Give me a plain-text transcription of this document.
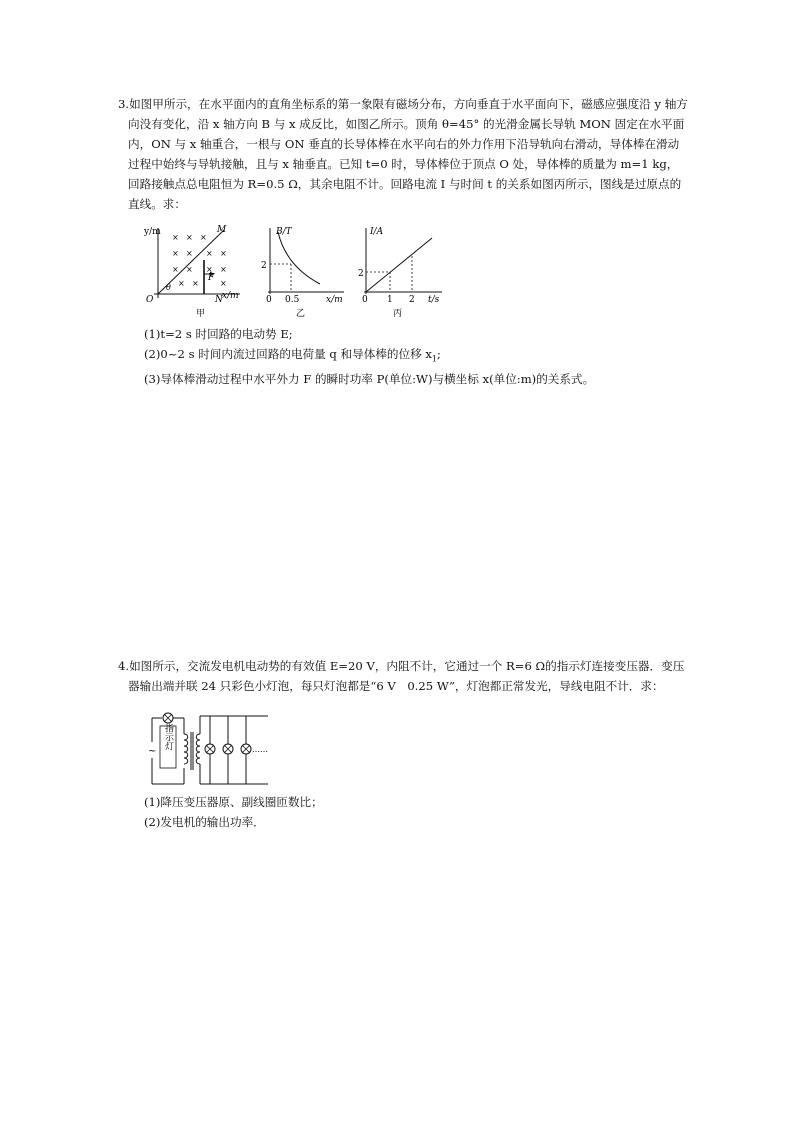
3.如图甲所示，在水平面内的直角坐标系的第一象限有磁场分布，方向垂直于水平面向下，磁感应强度沿 y 轴方向没有变化，沿 x 轴方向 B 与 x 成反比，如图乙所示。顶角 θ=45° 的光滑金属长导轨 MON 固定在水平面内，ON 与 x 轴重合，一根与 ON 垂直的长导体棒在水平向右的外力作用下沿导轨向右滑动，导体棒在滑动过程中始终与导轨接触，且与 x 轴垂直。已知 t=0 时，导体棒位于顶点 O 处，导体棒的质量为 m=1 kg，回路接触点总电阻恒为 R=0.5 Ω，其余电阻不计。回路电流 I 与时间 t 的关系如图丙所示，图线是过原点的直线。求：

y/m
x/m
O
M
N
F
θ
× × ×
× × × ×
× × × ×
× ×	×
甲
B/T
x/m
0
2
0.5
乙
I/A
t/s
0
2
1 2
丙

(1)t=2 s 时回路的电动势 E;

(2)0~2 s 时间内流过回路的电荷量 q 和导体棒的位移 $x_1$;

(3)导体棒滑动过程中水平外力 F 的瞬时功率 P(单位:W)与横坐标 x(单位:m)的关系式。

4.如图所示，交流发电机电动势的有效值 E=20 V，内阻不计，它通过一个 R=6 Ω的指示灯连接变压器．变压器输出端并联 24 只彩色小灯泡，每只灯泡都是“6 V　0.25 W”，灯泡都正常发光，导线电阻不计．求：

~
指示灯	……

(1)降压变压器原、副线圈匝数比；

(2)发电机的输出功率．
